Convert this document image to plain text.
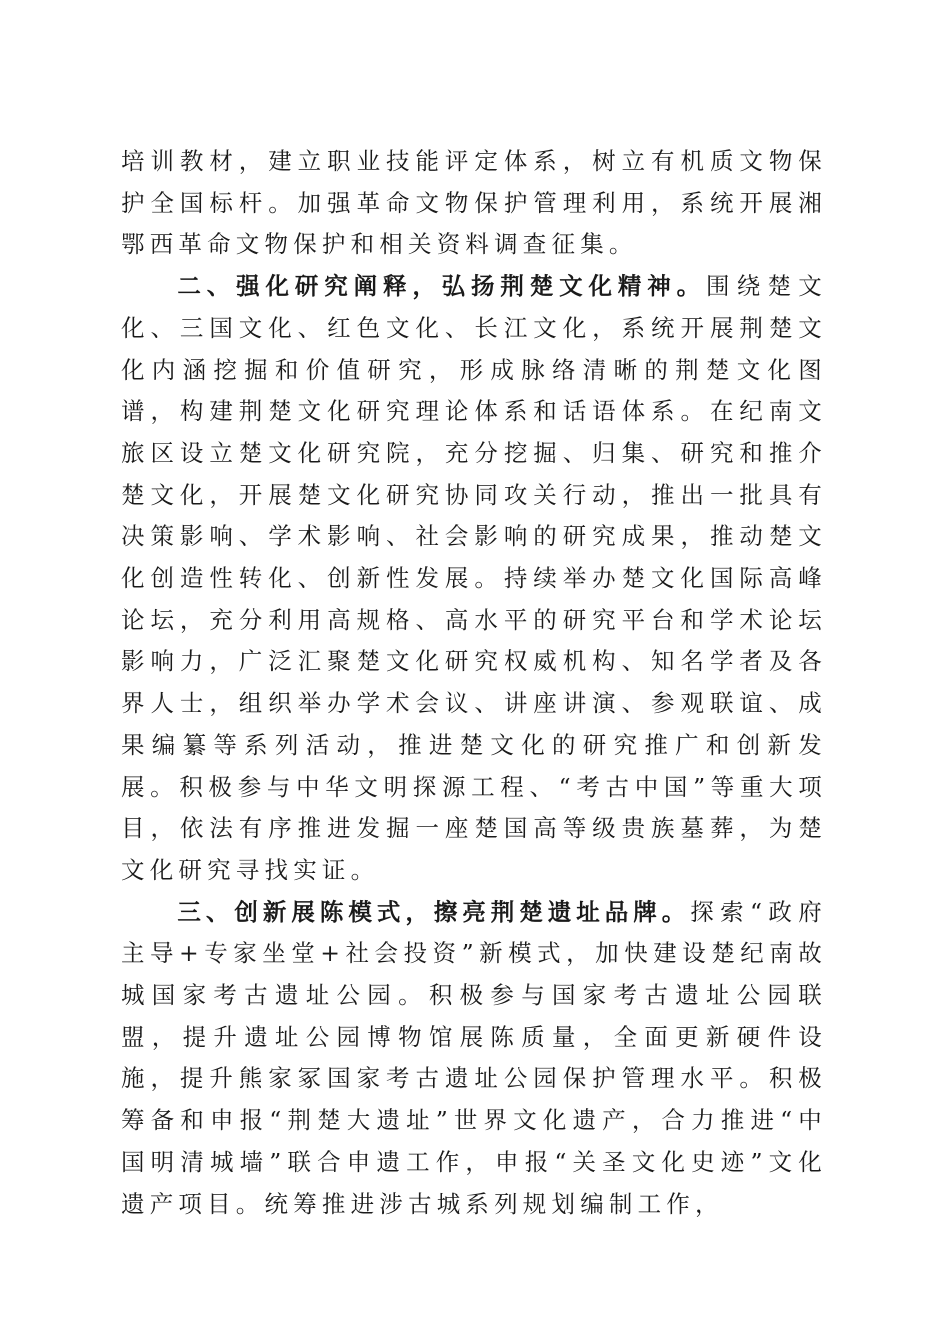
培训教材，建立职业技能评定体系，树立有机质文物保护全国标杆。加强革命文物保护管理利用，系统开展湘鄂西革命文物保护和相关资料调查征集。

二、强化研究阐释，弘扬荆楚文化精神。围绕楚文化、三国文化、红色文化、长江文化，系统开展荆楚文化内涵挖掘和价值研究，形成脉络清晰的荆楚文化图谱，构建荆楚文化研究理论体系和话语体系。在纪南文旅区设立楚文化研究院，充分挖掘、归集、研究和推介楚文化，开展楚文化研究协同攻关行动，推出一批具有决策影响、学术影响、社会影响的研究成果，推动楚文化创造性转化、创新性发展。持续举办楚文化国际高峰论坛，充分利用高规格、高水平的研究平台和学术论坛影响力，广泛汇聚楚文化研究权威机构、知名学者及各界人士，组织举办学术会议、讲座讲演、参观联谊、成果编纂等系列活动，推进楚文化的研究推广和创新发展。积极参与中华文明探源工程、“考古中国”等重大项目，依法有序推进发掘一座楚国高等级贵族墓葬，为楚文化研究寻找实证。

三、创新展陈模式，擦亮荆楚遗址品牌。探索“政府主导+专家坐堂+社会投资”新模式，加快建设楚纪南故城国家考古遗址公园。积极参与国家考古遗址公园联盟，提升遗址公园博物馆展陈质量，全面更新硬件设施，提升熊家冢国家考古遗址公园保护管理水平。积极筹备和申报“荆楚大遗址”世界文化遗产，合力推进“中国明清城墙”联合申遗工作，申报“关圣文化史迹”文化遗产项目。统筹推进涉古城系列规划编制工作，
